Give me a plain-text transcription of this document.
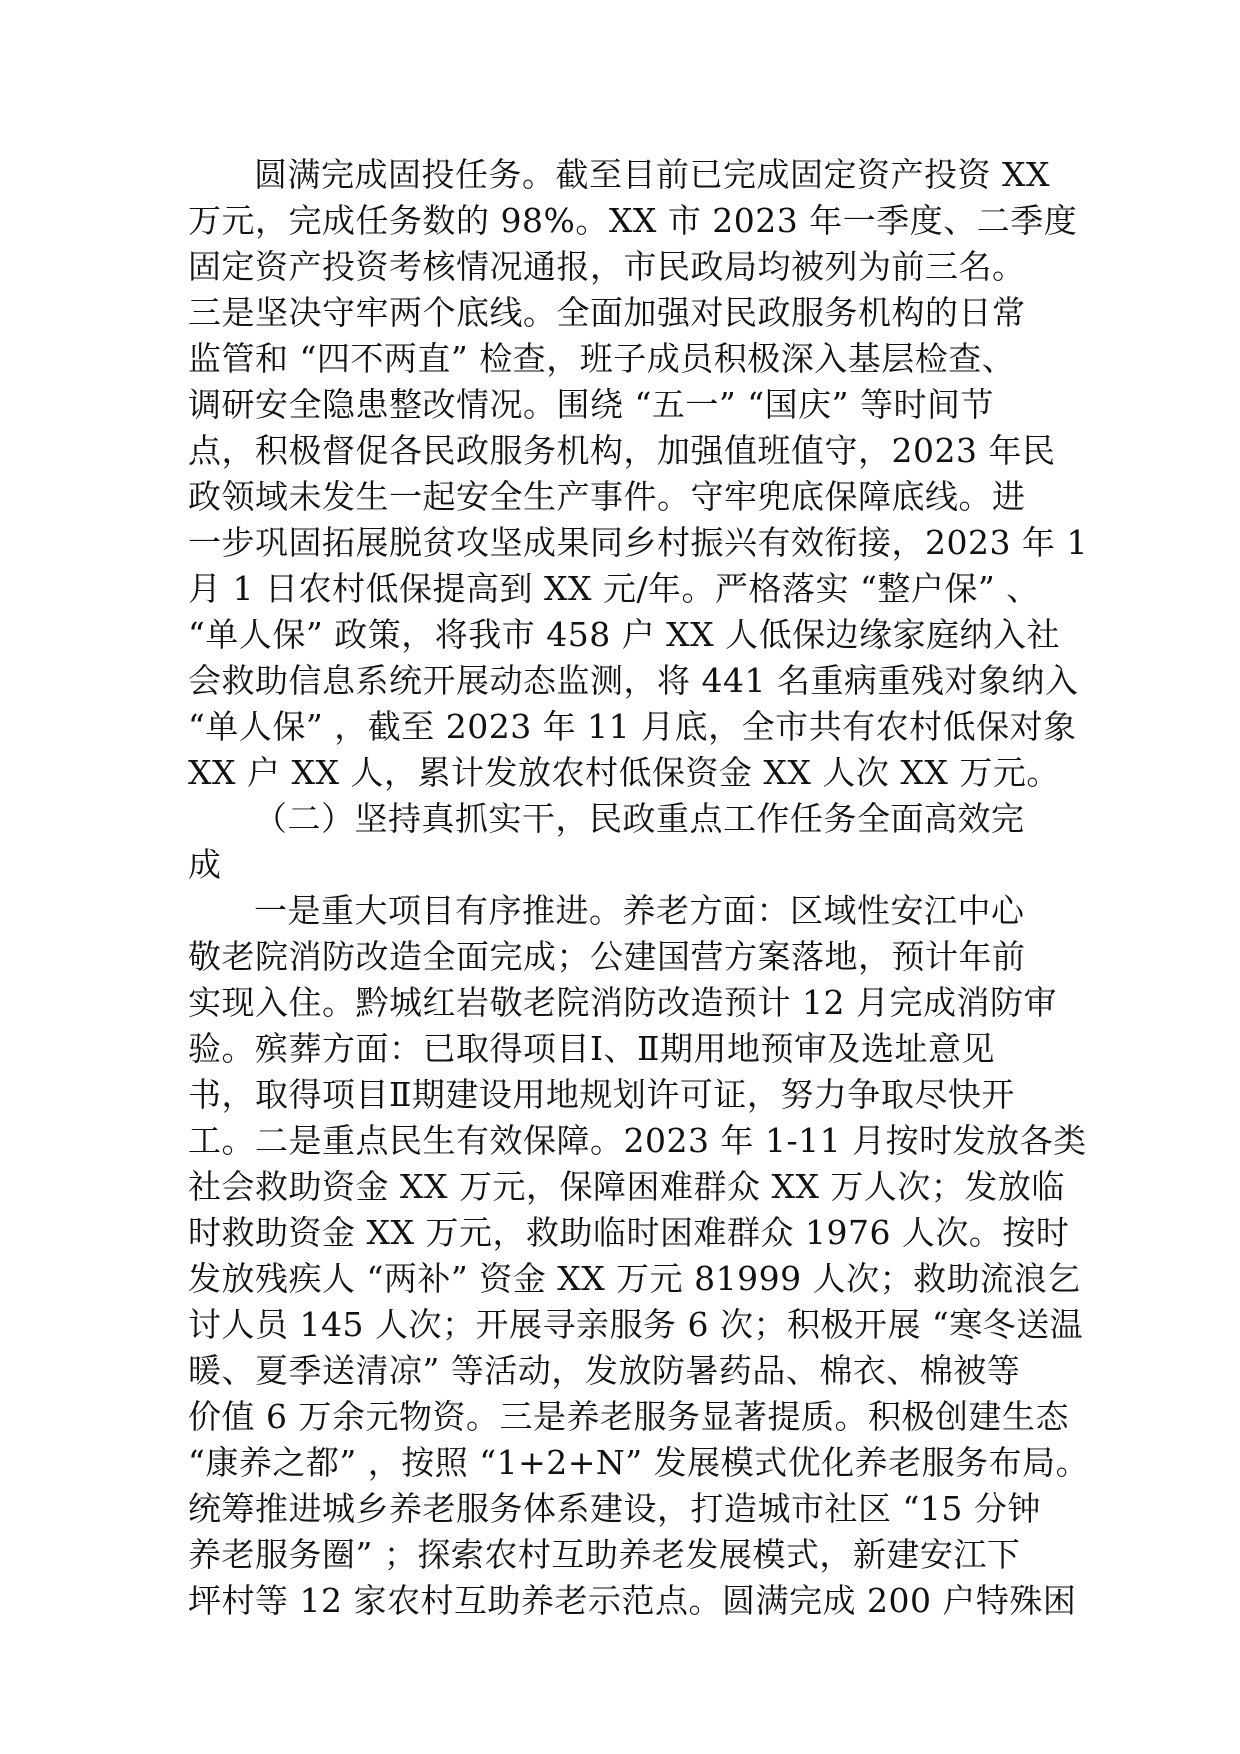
圆满完成固投任务。截至目前已完成固定资产投资 XX
万元，完成任务数的 98%。XX 市 2023 年一季度、二季度
固定资产投资考核情况通报，市民政局均被列为前三名。
三是坚决守牢两个底线。全面加强对民政服务机构的日常
监管和 “四不两直” 检查，班子成员积极深入基层检查、
调研安全隐患整改情况。围绕 “五一” “国庆” 等时间节
点，积极督促各民政服务机构，加强值班值守，2023 年民
政领域未发生一起安全生产事件。守牢兜底保障底线。进
一步巩固拓展脱贫攻坚成果同乡村振兴有效衔接，2023 年 1
月 1 日农村低保提高到 XX 元/年。严格落实 “整户保” 、
“单人保” 政策，将我市 458 户 XX 人低保边缘家庭纳入社
会救助信息系统开展动态监测，将 441 名重病重残对象纳入
“单人保” ，截至 2023 年 11 月底，全市共有农村低保对象
XX 户 XX 人，累计发放农村低保资金 XX 人次 XX 万元。
（二）坚持真抓实干，民政重点工作任务全面高效完
成
一是重大项目有序推进。养老方面：区域性安江中心
敬老院消防改造全面完成；公建国营方案落地，预计年前
实现入住。黔城红岩敬老院消防改造预计 12 月完成消防审
验。殡葬方面：已取得项目Ⅰ、Ⅱ期用地预审及选址意见
书，取得项目Ⅱ期建设用地规划许可证，努力争取尽快开
工。二是重点民生有效保障。2023 年 1-11 月按时发放各类
社会救助资金 XX 万元，保障困难群众 XX 万人次；发放临
时救助资金 XX 万元，救助临时困难群众 1976 人次。按时
发放残疾人 “两补” 资金 XX 万元 81999 人次；救助流浪乞
讨人员 145 人次；开展寻亲服务 6 次；积极开展 “寒冬送温
暖、夏季送清凉” 等活动，发放防暑药品、棉衣、棉被等
价值 6 万余元物资。三是养老服务显著提质。积极创建生态
“康养之都” ，按照 “1+2+N” 发展模式优化养老服务布局。
统筹推进城乡养老服务体系建设，打造城市社区 “15 分钟
养老服务圈” ；探索农村互助养老发展模式，新建安江下
坪村等 12 家农村互助养老示范点。圆满完成 200 户特殊困
